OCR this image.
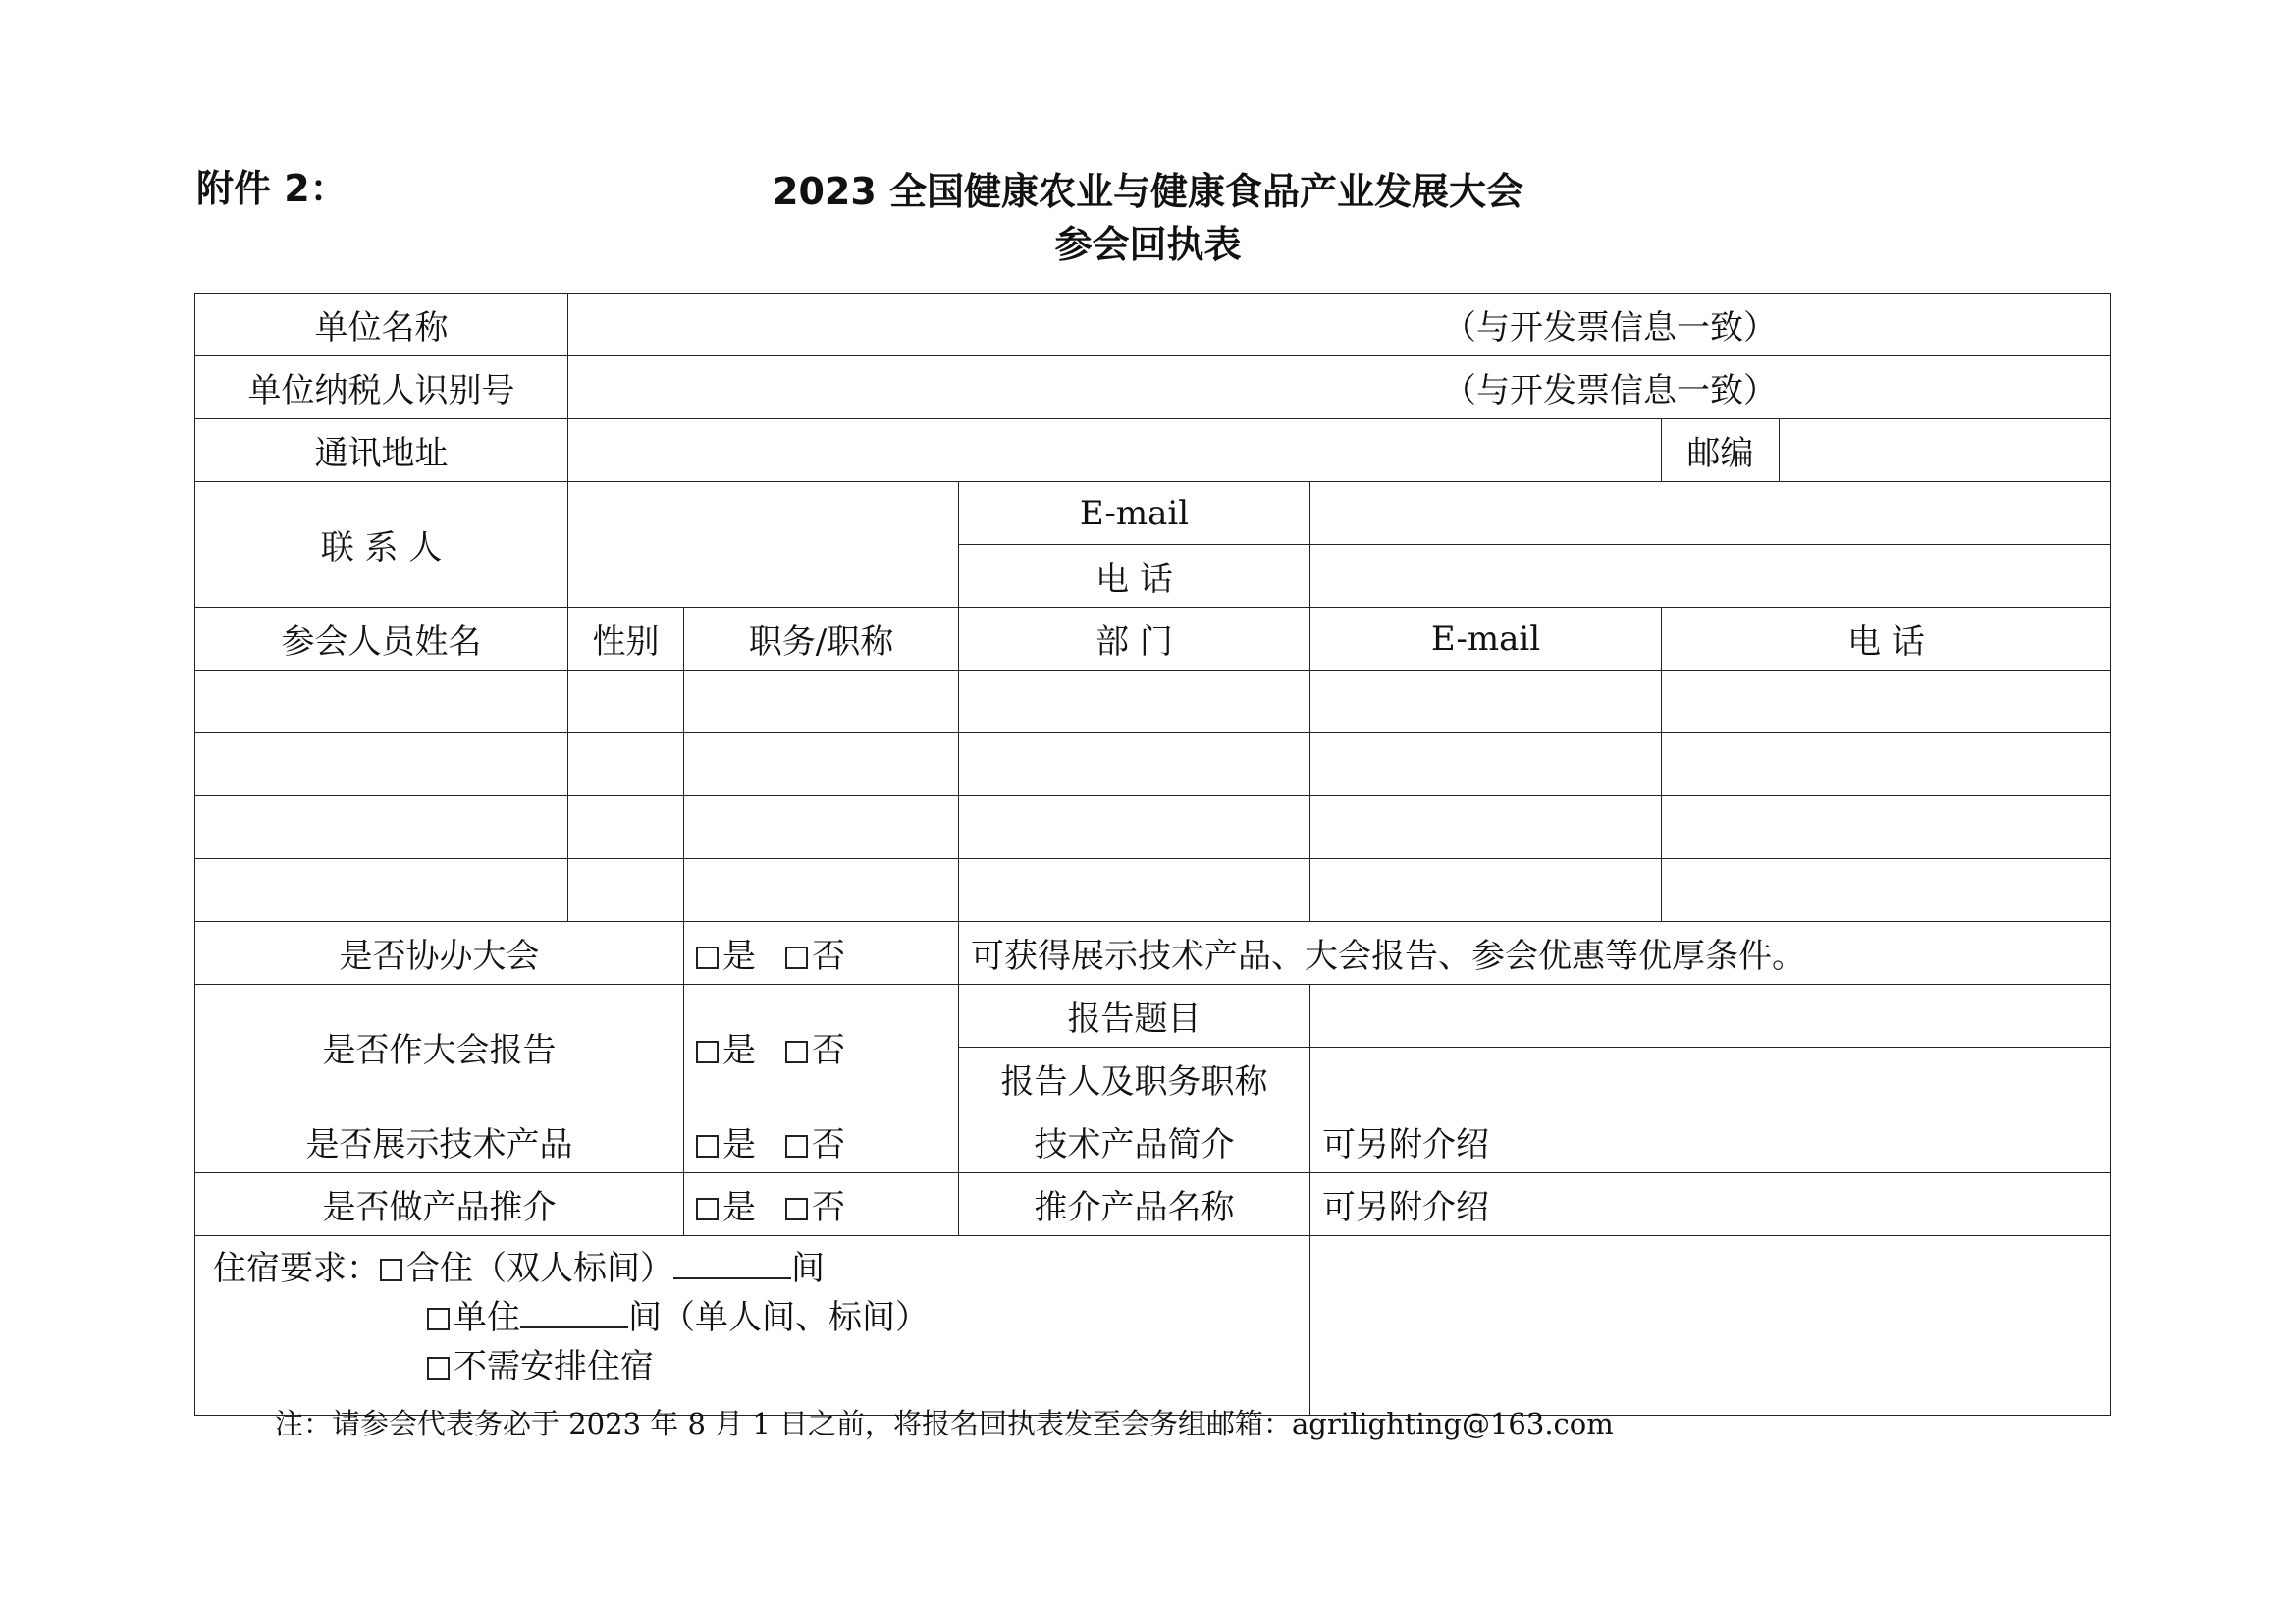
附件 2：	2023 全国健康农业与健康食品产业发展大会
参会回执表
单位名称	（与开发票信息一致）					
单位纳税人识别号	（与开发票信息一致）					
通讯地址					邮编	
联 系 人			E-mail			
			电 话			
参会人员姓名	性别	职务/职称	部 门	E-mail	电 话	

是否协办大会		是 否	可获得展示技术产品、大会报告、参会优惠等优厚条件。			
是否作大会报告		是 否	报告题目			
			报告人及职务职称			
是否展示技术产品		是 否	技术产品简介	可另附介绍		
是否做产品推介		是 否	推介产品名称	可另附介绍		

住宿要求： 合住（双人标间） 间
单住 间（单人间、标间）
不需安排住宿						

注：请参会代表务必于 2023 年 8 月 1 日之前，将报名回执表发至会务组邮箱：agrilighting@163.com
